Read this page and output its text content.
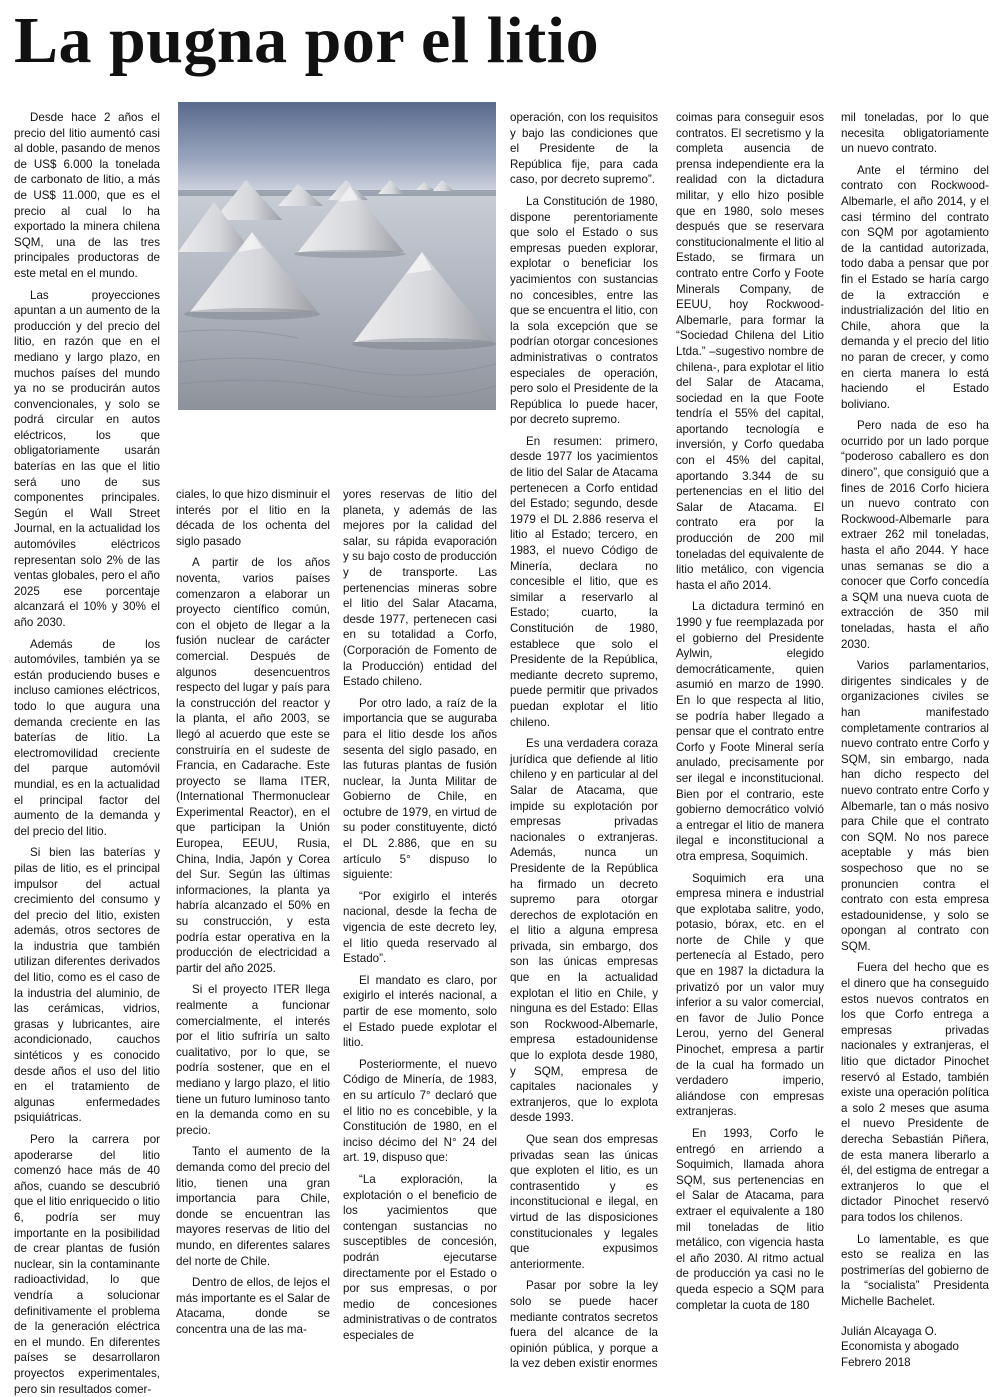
La pugna por el litio

Desde hace 2 años el precio del litio aumentó casi al doble, pasando de menos de US$ 6.000 la tonelada de carbonato de litio, a más de US$ 11.000, que es el precio al cual lo ha exportado la minera chilena SQM, una de las tres principales productoras de este metal en el mundo.

Las proyecciones apuntan a un aumento de la producción y del precio del litio, en razón que en el mediano y largo plazo, en muchos países del mundo ya no se producirán autos convencionales, y solo se podrá circular en autos eléctricos, los que obligatoriamente usarán baterías en las que el litio será uno de sus componentes principales. Según el Wall Street Journal, en la actualidad los automóviles eléctricos representan solo 2% de las ventas globales, pero el año 2025 ese porcentaje alcanzará el 10% y 30% el año 2030.

Además de los automóviles, también ya se están produciendo buses e incluso camiones eléctricos, todo lo que augura una demanda creciente en las baterías de litio. La electromovilidad creciente del parque automóvil mundial, es en la actualidad el principal factor del aumento de la demanda y del precio del litio.

Si bien las baterías y pilas de litio, es el principal impulsor del actual crecimiento del consumo y del precio del litio, existen además, otros sectores de la industria que también utilizan diferentes derivados del litio, como es el caso de la industria del aluminio, de las cerámicas, vidrios, grasas y lubricantes, aire acondicionado, cauchos sintéticos y es conocido desde años el uso del litio en el tratamiento de algunas enfermedades psiquiátricas.

Pero la carrera por apoderarse del litio comenzó hace más de 40 años, cuando se descubrió que el litio enriquecido o litio 6, podría ser muy importante en la posibilidad de crear plantas de fusión nuclear, sin la contaminante radioactividad, lo que vendría a solucionar definitivamente el problema de la generación eléctrica en el mundo. En diferentes países se desarrollaron proyectos experimentales, pero sin resultados comer-

ciales, lo que hizo disminuir el interés por el litio en la década de los ochenta del siglo pasado

A partir de los años noventa, varios países comenzaron a elaborar un proyecto científico común, con el objeto de llegar a la fusión nuclear de carácter comercial. Después de algunos desencuentros respecto del lugar y país para la construcción del reactor y la planta, el año 2003, se llegó al acuerdo que este se construiría en el sudeste de Francia, en Cadarache. Este proyecto se llama ITER, (International Thermonuclear Experimental Reactor), en el que participan la Unión Europea, EEUU, Rusia, China, India, Japón y Corea del Sur. Según las últimas informaciones, la planta ya habría alcanzado el 50% en su construcción, y esta podría estar operativa en la producción de electricidad a partir del año 2025.

Si el proyecto ITER llega realmente a funcionar comercialmente, el interés por el litio sufriría un salto cualitativo, por lo que, se podría sostener, que en el mediano y largo plazo, el litio tiene un futuro luminoso tanto en la demanda como en su precio.

Tanto el aumento de la demanda como del precio del litio, tienen una gran importancia para Chile, donde se encuentran las mayores reservas de litio del mundo, en diferentes salares del norte de Chile.

Dentro de ellos, de lejos el más importante es el Salar de Atacama, donde se concentra una de las ma-

yores reservas de litio del planeta, y además de las mejores por la calidad del salar, su rápida evaporación y su bajo costo de producción y de transporte. Las pertenencias mineras sobre el litio del Salar Atacama, desde 1977, pertenecen casi en su totalidad a Corfo, (Corporación de Fomento de la Producción) entidad del Estado chileno.

Por otro lado, a raíz de la importancia que se auguraba para el litio desde los años sesenta del siglo pasado, en las futuras plantas de fusión nuclear, la Junta Militar de Gobierno de Chile, en octubre de 1979, en virtud de su poder constituyente, dictó el DL 2.886, que en su artículo 5° dispuso lo siguiente:

“Por exigirlo el interés nacional, desde la fecha de vigencia de este decreto ley, el litio queda reservado al Estado”.

El mandato es claro, por exigirlo el interés nacional, a partir de ese momento, solo el Estado puede explotar el litio.

Posteriormente, el nuevo Código de Minería, de 1983, en su artículo 7° declaró que el litio no es concebible, y la Constitución de 1980, en el inciso décimo del N° 24 del art. 19, dispuso que:

“La exploración, la explotación o el beneficio de los yacimientos que contengan sustancias no susceptibles de concesión, podrán ejecutarse directamente por el Estado o por sus empresas, o por medio de concesiones administrativas o de contratos especiales de

operación, con los requisitos y bajo las condiciones que el Presidente de la República fije, para cada caso, por decreto supremo”.

La Constitución de 1980, dispone perentoriamente que solo el Estado o sus empresas pueden explorar, explotar o beneficiar los yacimientos con sustancias no concesibles, entre las que se encuentra el litio, con la sola excepción que se podrían otorgar concesiones administrativas o contratos especiales de operación, pero solo el Presidente de la República lo puede hacer, por decreto supremo.

En resumen: primero, desde 1977 los yacimientos de litio del Salar de Atacama pertenecen a Corfo entidad del Estado; segundo, desde 1979 el DL 2.886 reserva el litio al Estado; tercero, en 1983, el nuevo Código de Minería, declara no concesible el litio, que es similar a reservarlo al Estado; cuarto, la Constitución de 1980, establece que solo el Presidente de la República, mediante decreto supremo, puede permitir que privados puedan explotar el litio chileno.

Es una verdadera coraza jurídica que defiende al litio chileno y en particular al del Salar de Atacama, que impide su explotación por empresas privadas nacionales o extranjeras. Además, nunca un Presidente de la República ha firmado un decreto supremo para otorgar derechos de explotación en el litio a alguna empresa privada, sin embargo, dos son las únicas empresas que en la actualidad explotan el litio en Chile, y ninguna es del Estado: Ellas son Rockwood-Albemarle, empresa estadounidense que lo explota desde 1980, y SQM, empresa de capitales nacionales y extranjeros, que lo explota desde 1993.

Que sean dos empresas privadas sean las únicas que exploten el litio, es un contrasentido y es inconstitucional e ilegal, en virtud de las disposiciones constitucionales y legales que expusimos anteriormente.

Pasar por sobre la ley solo se puede hacer mediante contratos secretos fuera del alcance de la opinión pública, y porque a la vez deben existir enormes

coimas para conseguir esos contratos. El secretismo y la completa ausencia de prensa independiente era la realidad con la dictadura militar, y ello hizo posible que en 1980, solo meses después que se reservara constitucionalmente el litio al Estado, se firmara un contrato entre Corfo y Foote Minerals Company, de EEUU, hoy Rockwood-Albemarle, para formar la “Sociedad Chilena del Litio Ltda.” –sugestivo nombre de chilena-, para explotar el litio del Salar de Atacama, sociedad en la que Foote tendría el 55% del capital, aportando tecnología e inversión, y Corfo quedaba con el 45% del capital, aportando 3.344 de su pertenencias en el litio del Salar de Atacama. El contrato era por la producción de 200 mil toneladas del equivalente de litio metálico, con vigencia hasta el año 2014.

La dictadura terminó en 1990 y fue reemplazada por el gobierno del Presidente Aylwin, elegido democráticamente, quien asumió en marzo de 1990. En lo que respecta al litio, se podría haber llegado a pensar que el contrato entre Corfo y Foote Mineral sería anulado, precisamente por ser ilegal e inconstitucional. Bien por el contrario, este gobierno democrático volvió a entregar el litio de manera ilegal e inconstitucional a otra empresa, Soquimich.

Soquimich era una empresa minera e industrial que explotaba salitre, yodo, potasio, bórax, etc. en el norte de Chile y que pertenecía al Estado, pero que en 1987 la dictadura la privatizó por un valor muy inferior a su valor comercial, en favor de Julio Ponce Lerou, yerno del General Pinochet, empresa a partir de la cual ha formado un verdadero imperio, aliándose con empresas extranjeras.

En 1993, Corfo le entregó en arriendo a Soquimich, llamada ahora SQM, sus pertenencias en el Salar de Atacama, para extraer el equivalente a 180 mil toneladas de litio metálico, con vigencia hasta el año 2030. Al ritmo actual de producción ya casi no le queda especio a SQM para completar la cuota de 180

mil toneladas, por lo que necesita obligatoriamente un nuevo contrato.

Ante el término del contrato con Rockwood-Albemarle, el año 2014, y el casi término del contrato con SQM por agotamiento de la cantidad autorizada, todo daba a pensar que por fin el Estado se haría cargo de la extracción e industrialización del litio en Chile, ahora que la demanda y el precio del litio no paran de crecer, y como en cierta manera lo está haciendo el Estado boliviano.

Pero nada de eso ha ocurrido por un lado porque “poderoso caballero es don dinero”, que consiguió que a fines de 2016 Corfo hiciera un nuevo contrato con Rockwood-Albemarle para extraer 262 mil toneladas, hasta el año 2044. Y hace unas semanas se dio a conocer que Corfo concedía a SQM una nueva cuota de extracción de 350 mil toneladas, hasta el año 2030.

Varios parlamentarios, dirigentes sindicales y de organizaciones civiles se han manifestado completamente contrarios al nuevo contrato entre Corfo y SQM, sin embargo, nada han dicho respecto del nuevo contrato entre Corfo y Albemarle, tan o más nosivo para Chile que el contrato con SQM. No nos parece aceptable y más bien sospechoso que no se pronuncien contra el contrato con esta empresa estadounidense, y solo se opongan al contrato con SQM.

Fuera del hecho que es el dinero que ha conseguido estos nuevos contratos en los que Corfo entrega a empresas privadas nacionales y extranjeras, el litio que dictador Pinochet reservó al Estado, también existe una operación política a solo 2 meses que asuma el nuevo Presidente de derecha Sebastián Piñera, de esta manera liberarlo a él, del estigma de entregar a extranjeros lo que el dictador Pinochet reservó para todos los chilenos.

Lo lamentable, es que esto se realiza en las postrimerías del gobierno de la “socialista” Presidenta Michelle Bachelet.

Julián Alcayaga O.
Economista y abogado
Febrero 2018
